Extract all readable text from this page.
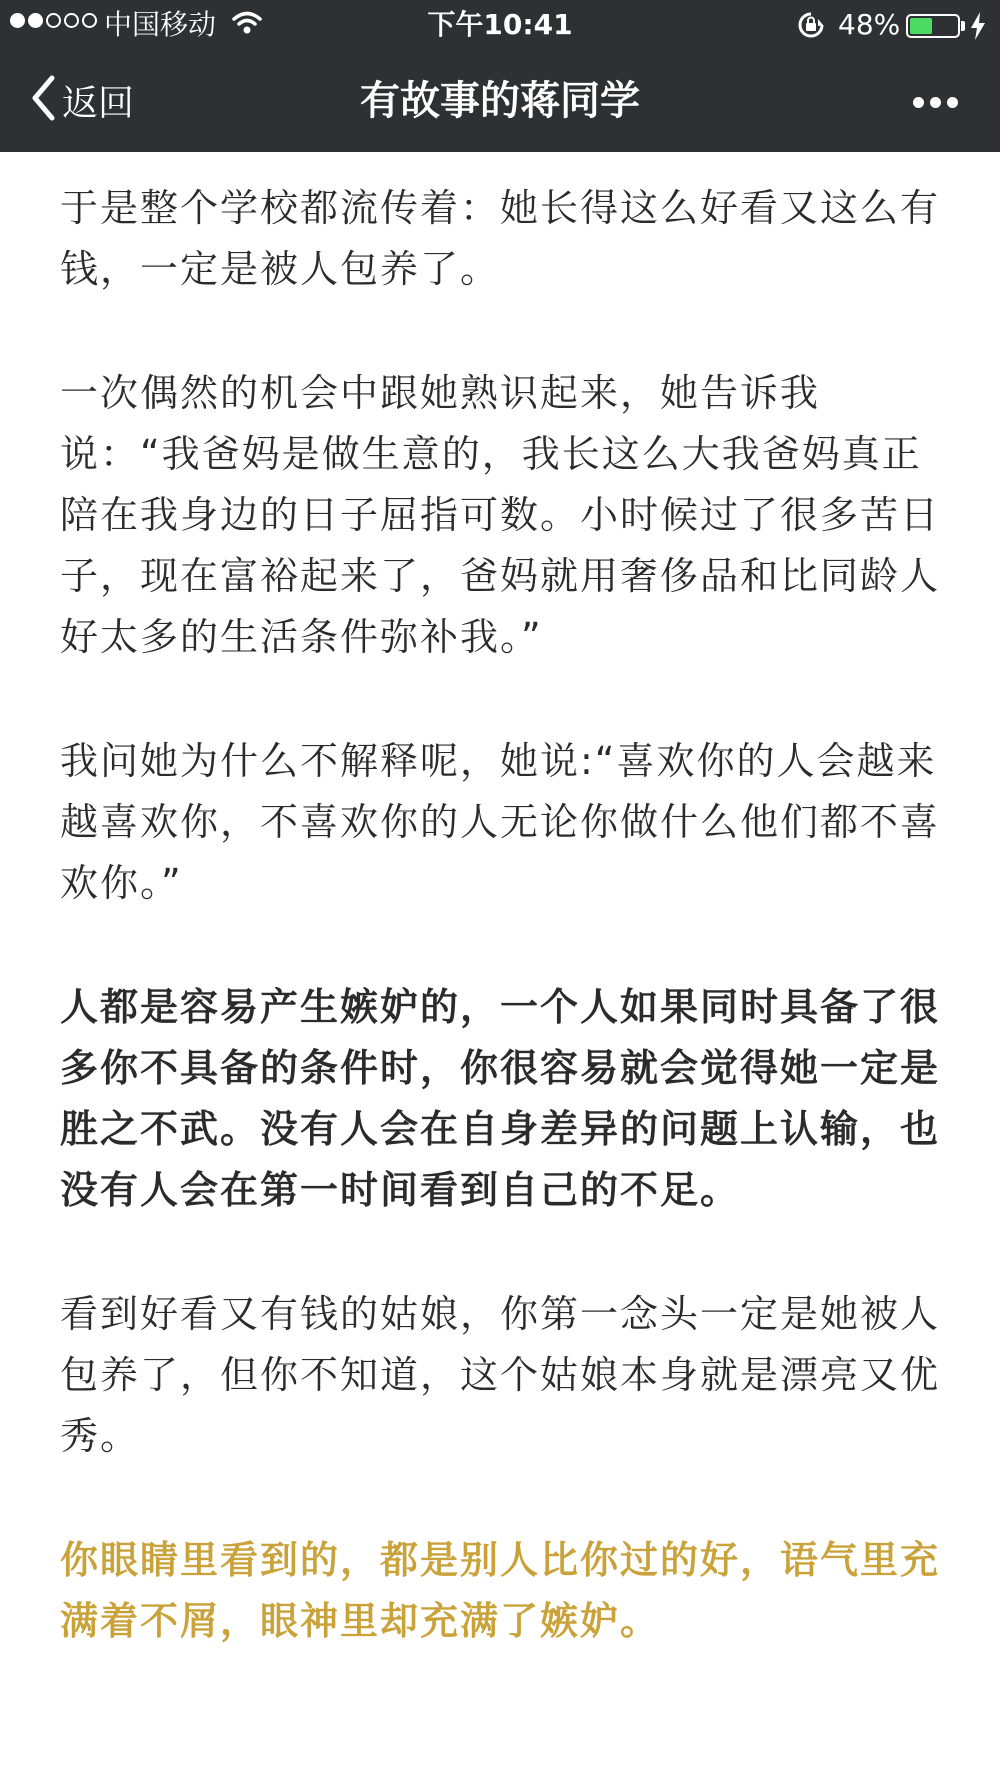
中国移动	下午10:41	48%
返回	有故事的蒋同学

于是整个学校都流传着：她长得这么好看又这么有钱，一定是被人包养了。

一次偶然的机会中跟她熟识起来，她告诉我说：“我爸妈是做生意的，我长这么大我爸妈真正陪在我身边的日子屈指可数。小时候过了很多苦日子，现在富裕起来了，爸妈就用奢侈品和比同龄人好太多的生活条件弥补我。”

我问她为什么不解释呢，她说:“喜欢你的人会越来越喜欢你，不喜欢你的人无论你做什么他们都不喜欢你。”

人都是容易产生嫉妒的，一个人如果同时具备了很多你不具备的条件时，你很容易就会觉得她一定是胜之不武。没有人会在自身差异的问题上认输，也没有人会在第一时间看到自己的不足。

看到好看又有钱的姑娘，你第一念头一定是她被人包养了，但你不知道，这个姑娘本身就是漂亮又优秀。

你眼睛里看到的，都是别人比你过的好，语气里充满着不屑，眼神里却充满了嫉妒。
